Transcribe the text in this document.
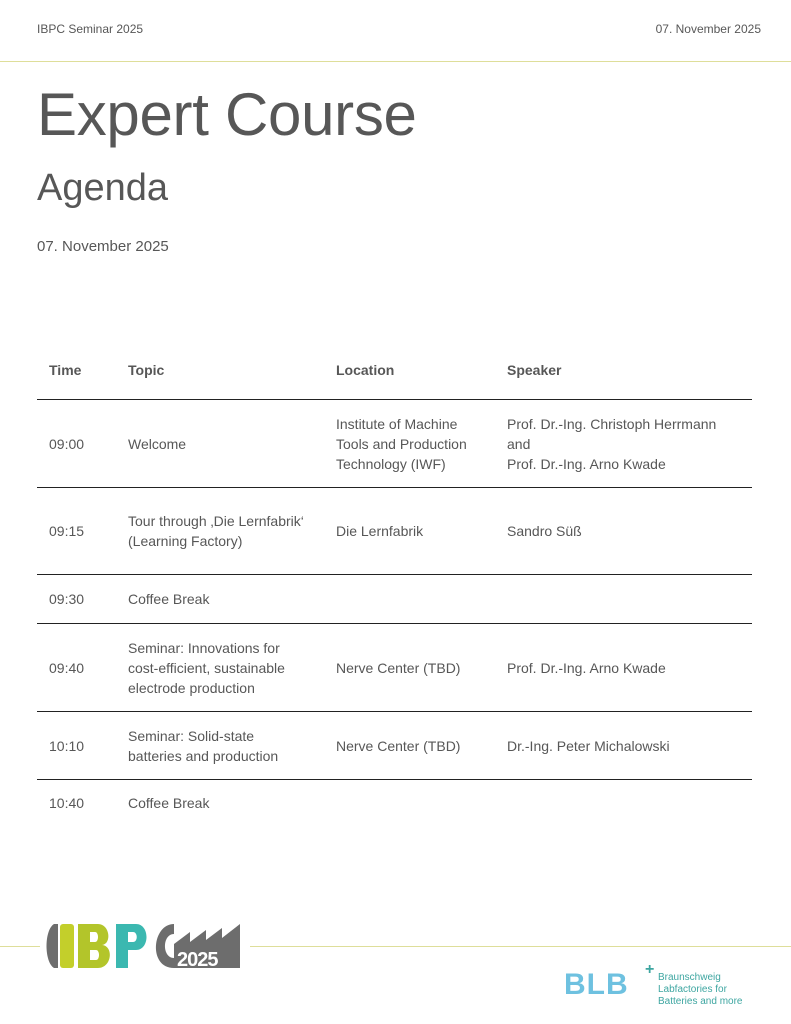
IBPC Seminar 2025	07. November 2025
Expert Course
Agenda
07. November 2025
Time	Topic	Location	Speaker
09:00	Welcome	Institute of Machine
Tools and Production
Technology (IWF)	Prof. Dr.-Ing. Christoph Herrmann
and
Prof. Dr.-Ing. Arno Kwade

09:15	Tour through ‚Die Lernfabrik‘
(Learning Factory)	Die Lernfabrik	Sandro Süß

09:30	Coffee Break		

09:40	Seminar: Innovations for
cost-efficient, sustainable
electrode production	Nerve Center (TBD)	Prof. Dr.-Ing. Arno Kwade

10:10	Seminar: Solid-state
batteries and production	Nerve Center (TBD)	Dr.-Ing. Peter Michalowski

10:40	Coffee Break		

2025
BLB + Braunschweig
Labfactories for
Batteries and more
